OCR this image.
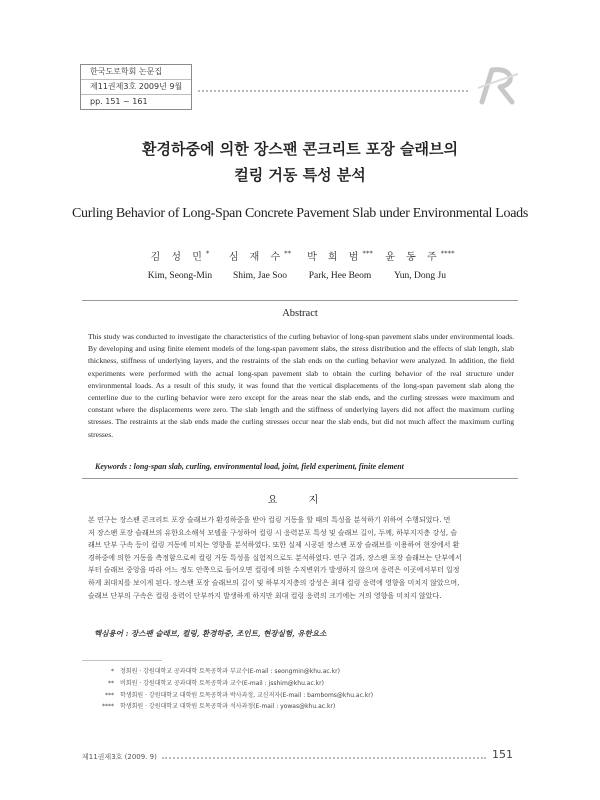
한국도로학회 논문집
제11권제3호 2009년 9월
pp. 151 ~ 161
환경하중에 의한 장스팬 콘크리트 포장 슬래브의
컬링 거동 특성 분석
Curling Behavior of Long-Span Concrete Pavement Slab under Environmental Loads
김 성 민*
Kim, Seong-Min
심 재 수**
Shim, Jae Soo
박 희 범***
Park, Hee Beom
윤 동 주****
Yun, Dong Ju
Abstract
This study was conducted to investigate the characteristics of the curling behavior of long-span pavement slabs under environmental loads. By developing and using finite element models of the long-span pavement slabs, the stress distribution and the effects of slab length, slab thickness, stiffness of underlying layers, and the restraints of the slab ends on the curling behavior were analyzed. In addition, the field experiments were performed with the actual long-span pavement slab to obtain the curling behavior of the real structure under environmental loads. As a result of this study, it was found that the vertical displacements of the long-span pavement slab along the centerline due to the curling behavior were zero except for the areas near the slab ends, and the curling stresses were maximum and constant where the displacements were zero. The slab length and the stiffness of underlying layers did not affect the maximum curling stresses. The restraints at the slab ends made the curling stresses occur near the slab ends, but did not much affect the maximum curling stresses.
Keywords : long-span slab, curling, environmental load, joint, field experiment, finite element
요 지
본 연구는 장스팬 콘크리트 포장 슬래브가 환경하중을 받아 컬링 거동을 할 때의 특성을 분석하기 위하여 수행되었다. 먼
저 장스팬 포장 슬래브의 유한요소해석 모델을 구성하여 컬링 시 응력분포 특성 및 슬래브 길이, 두께, 하부지지층 강성, 슬
래브 단부 구속 등이 컬링 거동에 미치는 영향을 분석하였다. 또한 실제 시공된 장스팬 포장 슬래브를 이용하여 현장에서 환
경하중에 의한 거동을 측정함으로써 컬링 거동 특성을 실험적으로도 분석하였다. 연구 결과, 장스팬 포장 슬래브는 단부에서
부터 슬래브 중앙을 따라 어느 정도 안쪽으로 들어오면 컬링에 의한 수직변위가 발생하지 않으며 응력은 이곳에서부터 일정
하게 최대치를 보이게 된다. 장스팬 포장 슬래브의 길이 및 하부지지층의 강성은 최대 컬링 응력에 영향을 미치지 않았으며,
슬래브 단부의 구속은 컬링 응력이 단부까지 발생하게 하지만 최대 컬링 응력의 크기에는 거의 영향을 미치지 않았다.
핵심용어 : 장스팬 슬래브, 컬링, 환경하중, 조인트, 현장실험, 유한요소
* 정회원 · 강원대학교 공과대학 토목공학과 부교수(E-mail : seongmin@khu.ac.kr)
** 비회원 · 강원대학교 공과대학 토목공학과 교수(E-mail : jsshim@khu.ac.kr)
*** 학생회원 · 강원대학교 대학원 토목공학과 박사과정, 교신저자(E-mail : bamboms@khu.ac.kr)
**** 학생회원 · 강원대학교 대학원 토목공학과 석사과정(E-mail : yowas@khu.ac.kr)
제11권제3호 (2009. 9)	151
